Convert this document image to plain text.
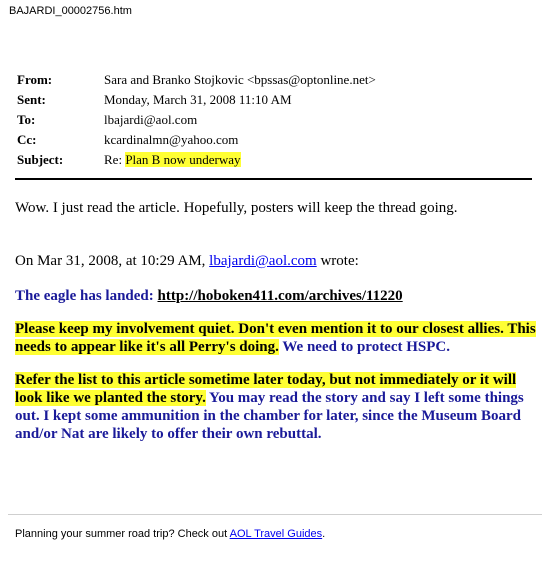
BAJARDI_00002756.htm
From:	Sara and Branko Stojkovic <bpssas@optonline.net>
Sent:	Monday, March 31, 2008 11:10 AM
To:	lbajardi@aol.com
Cc:	kcardinalmn@yahoo.com
Subject:	Re: Plan B now underway
Wow. I just read the article. Hopefully, posters will keep the thread going.
On Mar 31, 2008, at 10:29 AM, lbajardi@aol.com wrote:

The eagle has landed: http://hoboken411.com/archives/11220

Please keep my involvement quiet. Don't even mention it to our closest allies. This needs to appear like it's all Perry's doing. We need to protect HSPC.

Refer the list to this article sometime later today, but not immediately or it will look like we planted the story. You may read the story and say I left some things out. I kept some ammunition in the chamber for later, since the Museum Board and/or Nat are likely to offer their own rebuttal.

Planning your summer road trip? Check out AOL Travel Guides.
